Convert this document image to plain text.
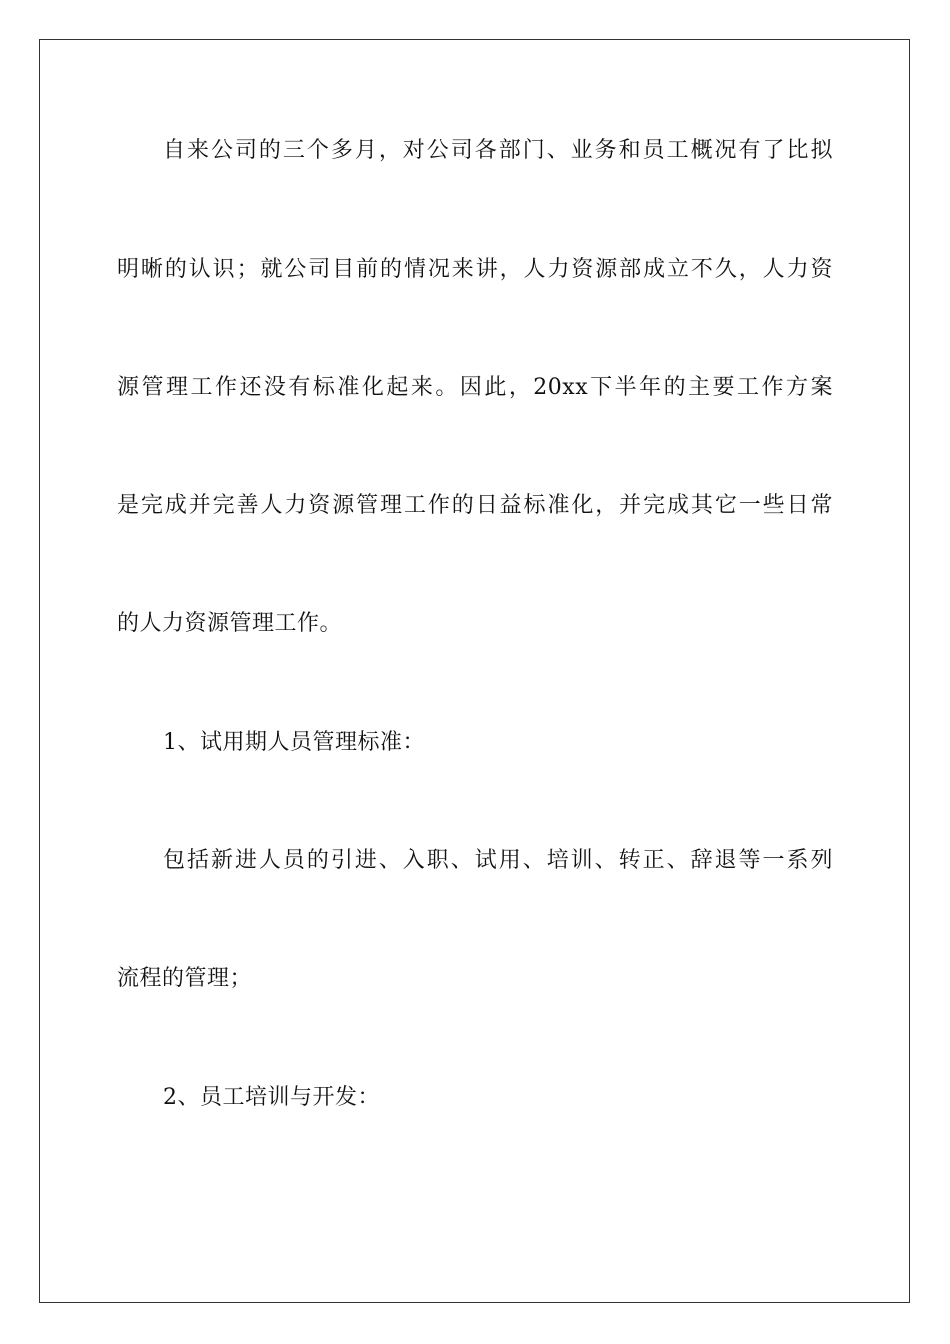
自来公司的三个多月，对公司各部门、业务和员工概况有了比拟
明晰的认识；就公司目前的情况来讲，人力资源部成立不久，人力资
源管理工作还没有标准化起来。因此，20xx下半年的主要工作方案
是完成并完善人力资源管理工作的日益标准化，并完成其它一些日常
的人力资源管理工作。
1、试用期人员管理标准：
包括新进人员的引进、入职、试用、培训、转正、辞退等一系列
流程的管理；
2、员工培训与开发：
